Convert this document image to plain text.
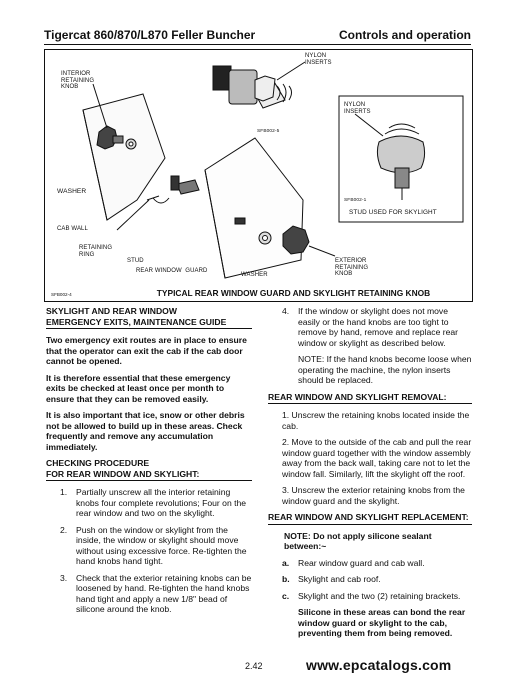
Tigercat 860/870/L870 Feller Buncher	Controls and operation
INTERIOR
RETAINING
KNOB
NYLON
INSERTS
SFB002-5
NYLON
INSERTS
SFB002-1
STUD USED FOR SKYLIGHT
WASHER
CAB WALL
RETAINING
RING
STUD
REAR WINDOW  GUARD
WASHER
EXTERIOR
RETAINING
KNOB
SFB002-4	TYPICAL REAR WINDOW GUARD AND SKYLIGHT RETAINING KNOB
SKYLIGHT AND REAR WINDOW
EMERGENCY EXITS, MAINTENANCE GUIDE

Two emergency exit routes are in place to ensure that the operator can exit the cab if the cab door cannot be opened.

It is therefore essential that these emergency exits be checked at least once per month to ensure that they can be removed easily.

It is also important that ice, snow or other debris not be allowed to build up in these areas. Check frequently and remove any accumulation immediately.

CHECKING PROCEDURE
FOR REAR WINDOW AND SKYLIGHT:
1.	Partially unscrew all the interior retaining knobs four complete revolutions; Four on the rear window and two on the skylight.
2.	Push on the window or skylight from the inside, the window or skylight should move without using excessive force. Re-tighten the hand knobs hand tight.
3.	Check that the exterior retaining knobs can be loosened by hand. Re-tighten the hand knobs hand tight and apply a new 1/8" bead of silicone around the knob.
4.	If the window or skylight does not move easily or the hand knobs are too tight to remove by hand, remove and replace rear window or skylight as described below.

NOTE: If the hand knobs become loose when operating the machine, the nylon inserts should be replaced.

REAR WINDOW AND SKYLIGHT REMOVAL:

1. Unscrew the retaining knobs located inside the cab.

2. Move to the outside of the cab and pull the rear window guard together with the window assembly away from the back wall, taking care not to let the window fall. Similarly, lift the skylight off the roof.

3. Unscrew the exterior retaining knobs from the window guard and the skylight.

REAR WINDOW AND SKYLIGHT REPLACEMENT:

NOTE: Do not apply silicone sealant between:~

a.	Rear window guard and cab wall.
b. Skylight and cab roof.
c.	Skylight and the two (2) retaining brackets.

Silicone in these areas can bond the rear window guard or skylight to the cab, preventing them from being removed.

2.42	www.epcatalogs.com
